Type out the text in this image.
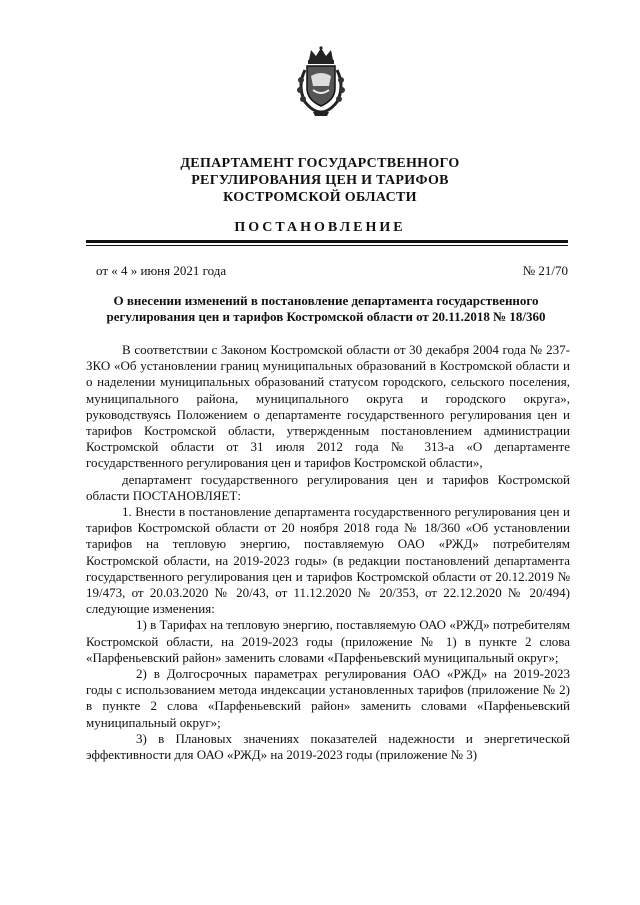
ДЕПАРТАМЕНТ ГОСУДАРСТВЕННОГО
РЕГУЛИРОВАНИЯ ЦЕН И ТАРИФОВ
КОСТРОМСКОЙ ОБЛАСТИ
ПОСТАНОВЛЕНИЕ
от « 4 » июня 2021 года	№ 21/70
О внесении изменений в постановление департамента государственного регулирования цен и тарифов Костромской области от 20.11.2018 № 18/360

В соответствии с Законом Костромской области от 30 декабря 2004 года № 237-ЗКО «Об установлении границ муниципальных образований в Костромской области и о наделении муниципальных образований статусом городского, сельского поселения, муниципального района, муниципального округа и городского округа», руководствуясь Положением о департаменте государственного регулирования цен и тарифов Костромской области, утвержденным постановлением администрации Костромской области от 31 июля 2012 года № 313-а «О департаменте государственного регулирования цен и тарифов Костромской области»,

департамент государственного регулирования цен и тарифов Костромской области ПОСТАНОВЛЯЕТ:

1. Внести в постановление департамента государственного регулирования цен и тарифов Костромской области от 20 ноября 2018 года № 18/360 «Об установлении тарифов на тепловую энергию, поставляемую ОАО «РЖД» потребителям Костромской области, на 2019-2023 годы» (в редакции постановлений департамента государственного регулирования цен и тарифов Костромской области от 20.12.2019 № 19/473, от 20.03.2020 № 20/43, от 11.12.2020 № 20/353, от 22.12.2020 № 20/494) следующие изменения:

1) в Тарифах на тепловую энергию, поставляемую ОАО «РЖД» потребителям Костромской области, на 2019-2023 годы (приложение № 1) в пункте 2 слова «Парфеньевский район» заменить словами «Парфеньевский муниципальный округ»;

2) в Долгосрочных параметрах регулирования ОАО «РЖД» на 2019-2023 годы с использованием метода индексации установленных тарифов (приложение № 2) в пункте 2 слова «Парфеньевский район» заменить словами «Парфеньевский муниципальный округ»;

3) в Плановых значениях показателей надежности и энергетической эффективности для ОАО «РЖД» на 2019-2023 годы (приложение № 3)
